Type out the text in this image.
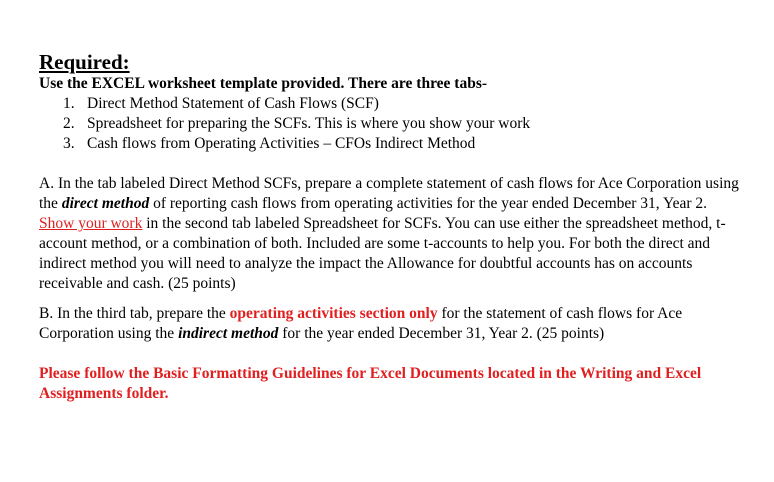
Required:

Use the EXCEL worksheet template provided. There are three tabs-

1. Direct Method Statement of Cash Flows (SCF)
2. Spreadsheet for preparing the SCFs. This is where you show your work
3. Cash flows from Operating Activities – CFOs Indirect Method

A. In the tab labeled Direct Method SCFs, prepare a complete statement of cash flows for Ace Corporation using the direct method of reporting cash flows from operating activities for the year ended December 31, Year 2. Show your work in the second tab labeled Spreadsheet for SCFs. You can use either the spreadsheet method, t-account method, or a combination of both. Included are some t-accounts to help you. For both the direct and indirect method you will need to analyze the impact the Allowance for doubtful accounts has on accounts receivable and cash. (25 points)

B. In the third tab, prepare the operating activities section only for the statement of cash flows for Ace Corporation using the indirect method for the year ended December 31, Year 2. (25 points)

Please follow the Basic Formatting Guidelines for Excel Documents located in the Writing and Excel Assignments folder.
